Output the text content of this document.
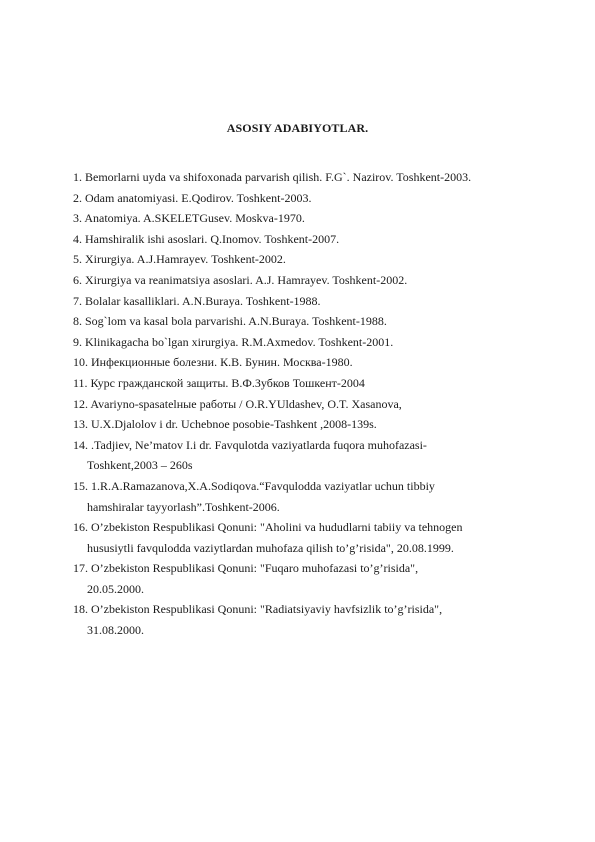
ASOSIY ADABIYOTLAR.
1. Bemorlarni uyda va shifoxonada parvarish qilish. F.G`. Nazirov. Toshkent-2003.
2. Odam anatomiyasi. E.Qodirov. Toshkent-2003.
3. Anatomiya. A.SKELETGusev. Moskva-1970.
4. Hamshiralik ishi asoslari. Q.Inomov. Toshkent-2007.
5. Xirurgiya. A.J.Hamrayev. Toshkent-2002.
6. Xirurgiya va reanimatsiya asoslari. A.J. Hamrayev. Toshkent-2002.
7. Bolalar kasalliklari. A.N.Buraya. Toshkent-1988.
8. Sog`lom va kasal bola parvarishi. A.N.Buraya. Toshkent-1988.
9. Klinikagacha bo`lgan xirurgiya. R.M.Axmedov. Toshkent-2001.
10. Инфекционные болезни. К.В. Бунин. Москва-1980.
11. Курс гражданской защиты. В.Ф.Зубков Тошкент-2004
12. Avariyno-spasatelные работы / O.R.YUldashev, O.T. Xasanova,
13. U.X.Djalolov i dr. Uchebnoe posobie-Tashkent ,2008-139s.
14. .Tadjiev, Ne’matov I.i dr. Favqulotda vaziyatlarda fuqora muhofazasi-
Toshkent,2003 – 260s
15. 1.R.A.Ramazanova,X.A.Sodiqova.“Favqulodda vaziyatlar uchun tibbiy
hamshiralar tayyorlash”.Toshkent-2006.
16. O’zbekiston Respublikasi Qonuni: "Aholini va hududlarni tabiiy va tehnogen
hususiytli favqulodda vaziytlardan muhofaza qilish to’g’risida", 20.08.1999.
17. O’zbekiston Respublikasi Qonuni: "Fuqaro muhofazasi to’g’risida",
20.05.2000.
18. O’zbekiston Respublikasi Qonuni: "Radiatsiyaviy havfsizlik to’g’risida",
31.08.2000.
